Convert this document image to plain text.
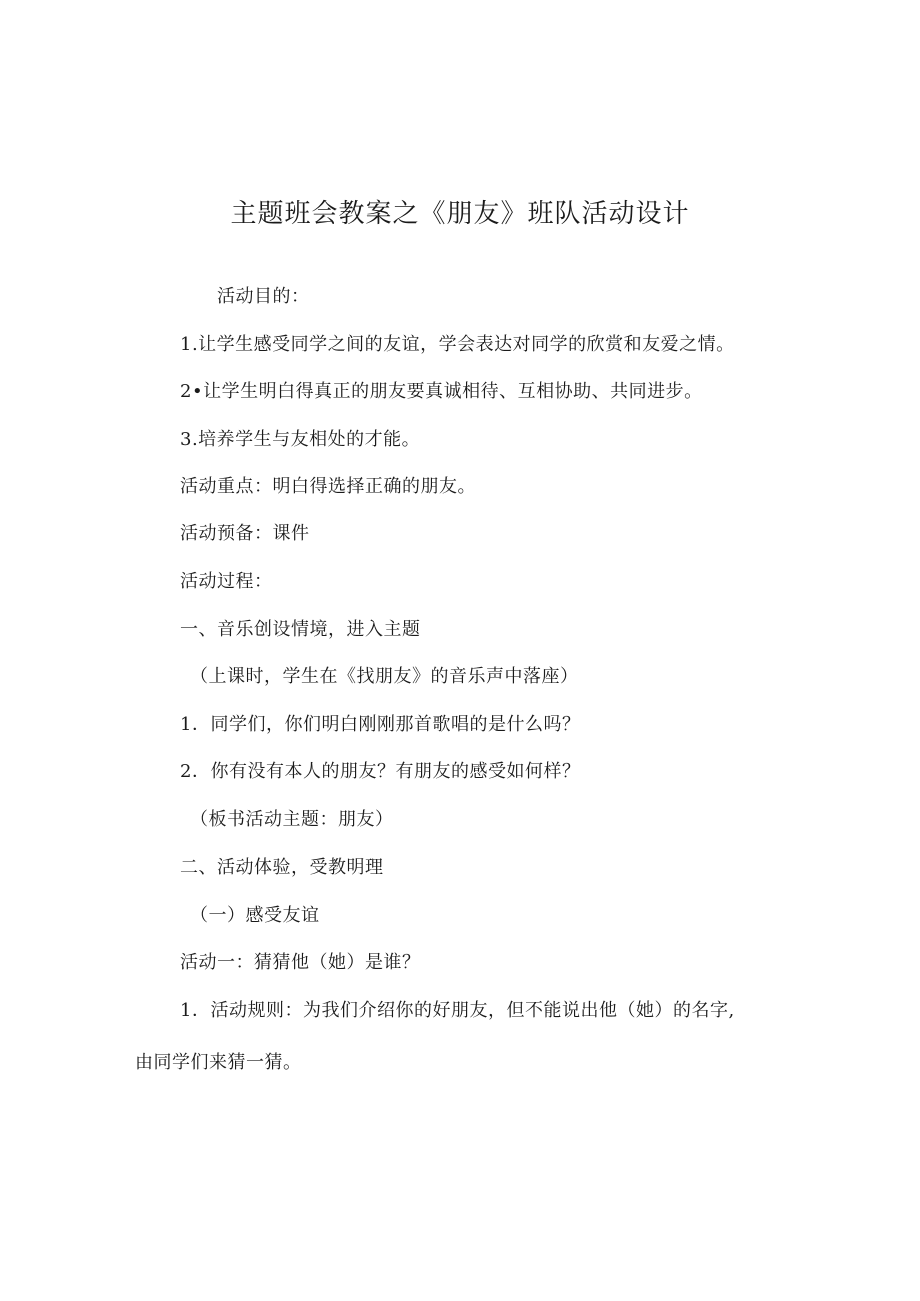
主题班会教案之《朋友》班队活动设计
活动目的：
1.让学生感受同学之间的友谊，学会表达对同学的欣赏和友爱之情。
2•让学生明白得真正的朋友要真诚相待、互相协助、共同进步。
3.培养学生与友相处的才能。
活动重点：明白得选择正确的朋友。
活动预备：课件
活动过程：
一、音乐创设情境，进入主题
（上课时，学生在《找朋友》的音乐声中落座）
1．同学们，你们明白刚刚那首歌唱的是什么吗？
2．你有没有本人的朋友？有朋友的感受如何样？
（板书活动主题：朋友）
二、活动体验，受教明理
（一）感受友谊
活动一：猜猜他（她）是谁？
1．活动规则：为我们介绍你的好朋友，但不能说出他（她）的名字,
由同学们来猜一猜。
